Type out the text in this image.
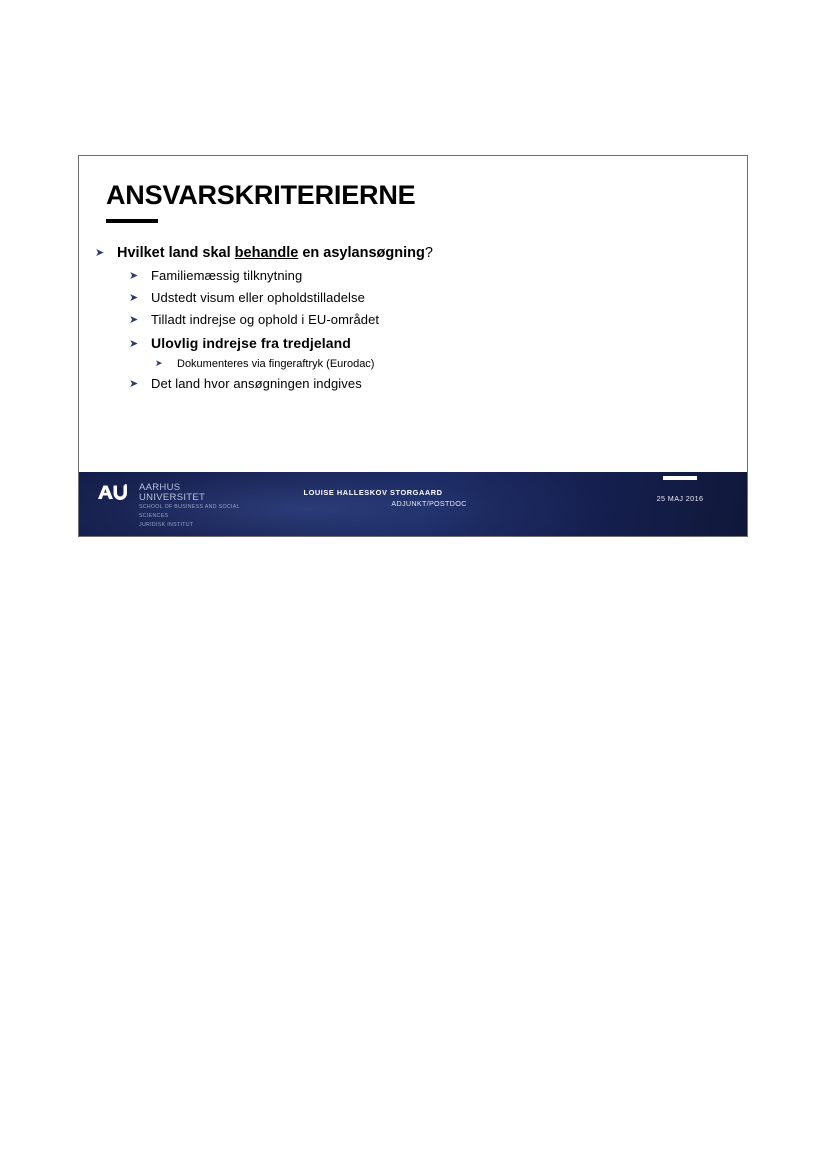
ANSVARSKRITERIERNE
➤ Hvilket land skal behandle en asylansøgning?
➤ Familiemæssig tilknytning
➤ Udstedt visum eller opholdstilladelse
➤ Tilladt indrejse og ophold i EU-området
➤ Ulovlig indrejse fra tredjeland
➤	Dokumenteres via fingeraftryk (Eurodac)
➤ Det land hvor ansøgningen indgives
AARHUS
UNIVERSITET
SCHOOL OF BUSINESS AND SOCIAL
SCIENCES
JURIDISK INSTITUT
LOUISE HALLESKOV STORGAARD
ADJUNKT/POSTDOC
25 MAJ 2016
